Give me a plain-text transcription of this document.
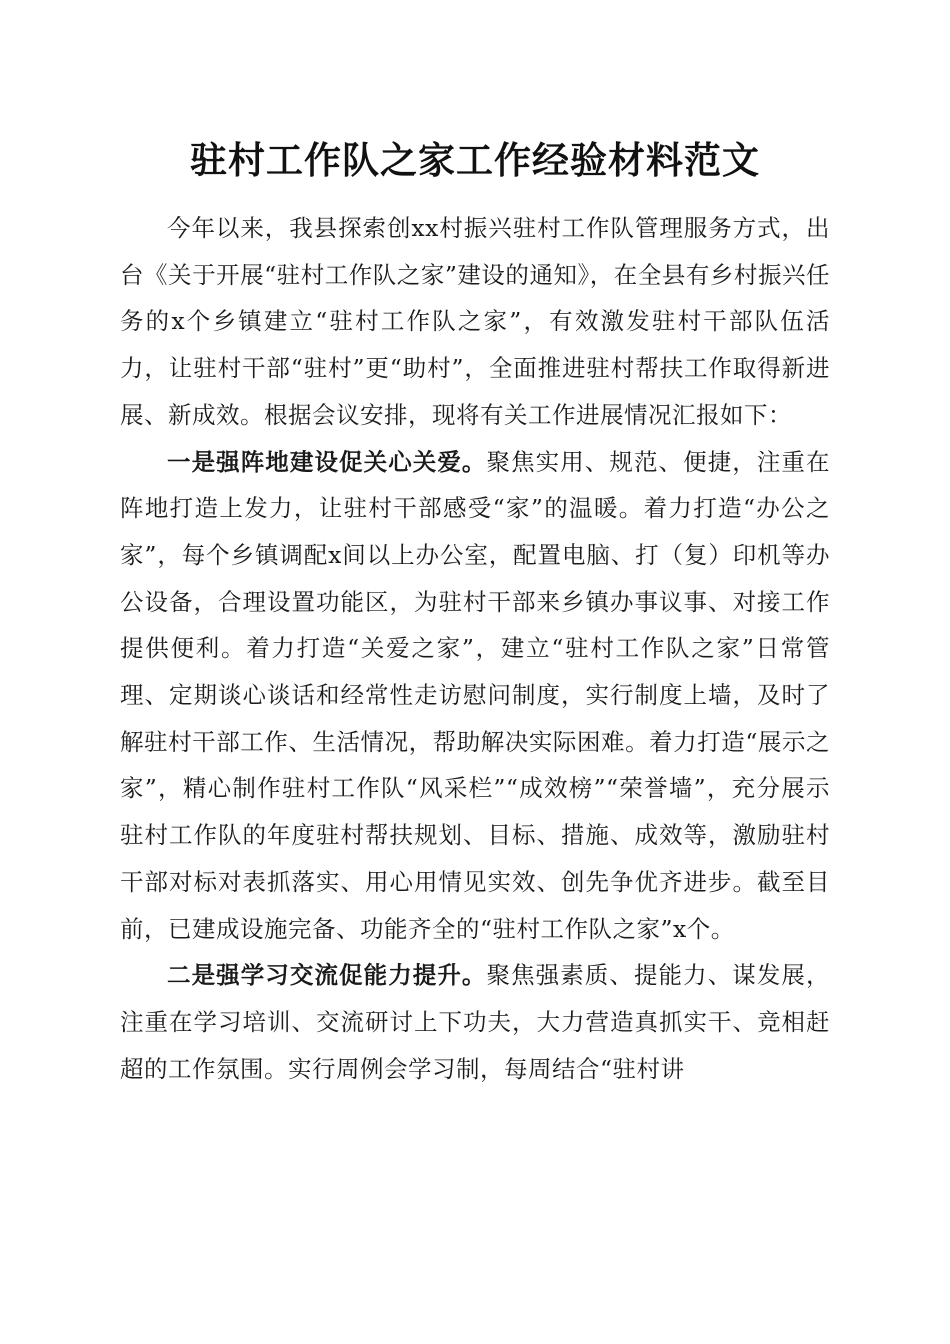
驻村工作队之家工作经验材料范文

今年以来，我县探索创xx村振兴驻村工作队管理服务方式，出台《关于开展“驻村工作队之家”建设的通知》，在全县有乡村振兴任务的x个乡镇建立“驻村工作队之家”，有效激发驻村干部队伍活力，让驻村干部“驻村”更“助村”，全面推进驻村帮扶工作取得新进展、新成效。根据会议安排，现将有关工作进展情况汇报如下：

一是强阵地建设促关心关爱。聚焦实用、规范、便捷，注重在阵地打造上发力，让驻村干部感受“家”的温暖。着力打造“办公之家”，每个乡镇调配x间以上办公室，配置电脑、打（复）印机等办公设备，合理设置功能区，为驻村干部来乡镇办事议事、对接工作提供便利。着力打造“关爱之家”，建立“驻村工作队之家”日常管理、定期谈心谈话和经常性走访慰问制度，实行制度上墙，及时了解驻村干部工作、生活情况，帮助解决实际困难。着力打造“展示之家”，精心制作驻村工作队“风采栏”“成效榜”“荣誉墙”，充分展示驻村工作队的年度驻村帮扶规划、目标、措施、成效等，激励驻村干部对标对表抓落实、用心用情见实效、创先争优齐进步。截至目前，已建成设施完备、功能齐全的“驻村工作队之家”x个。

二是强学习交流促能力提升。聚焦强素质、提能力、谋发展，注重在学习培训、交流研讨上下功夫，大力营造真抓实干、竞相赶超的工作氛围。实行周例会学习制，每周结合“驻村讲
